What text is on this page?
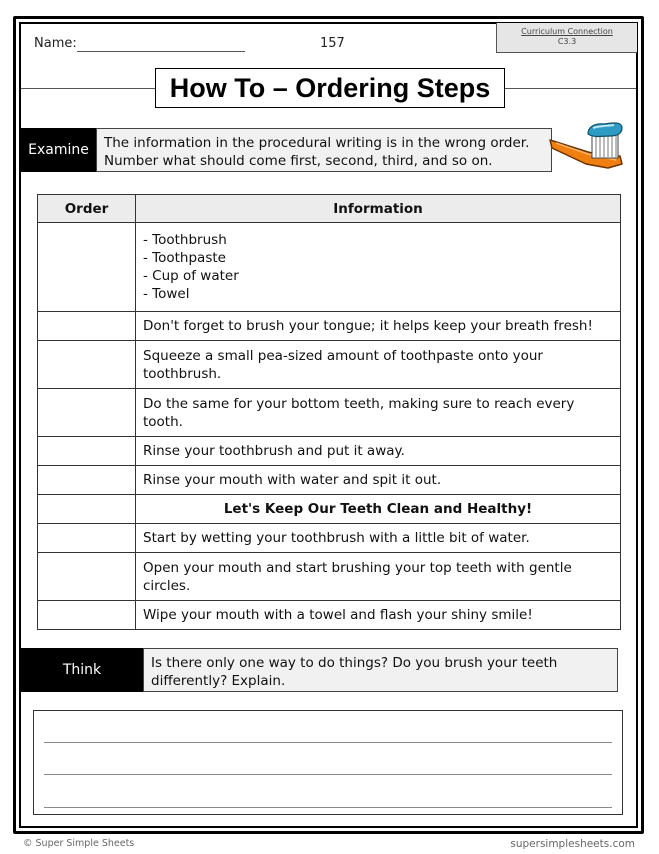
Name:	157
Curriculum Connection
C3.3
How To – Ordering Steps
Examine	The information in the procedural writing is in the wrong order.
Number what should come first, second, third, and so on.
Order	Information

	- Toothbrush
- Toothpaste
- Cup of water
- Towel

	Don't forget to brush your tongue; it helps keep your breath fresh!
	Squeeze a small pea-sized amount of toothpaste onto your toothbrush.
	Do the same for your bottom teeth, making sure to reach every tooth.
	Rinse your toothbrush and put it away.
	Rinse your mouth with water and spit it out.
	Let's Keep Our Teeth Clean and Healthy!
	Start by wetting your toothbrush with a little bit of water.
	Open your mouth and start brushing your top teeth with gentle circles.
	Wipe your mouth with a towel and flash your shiny smile!
Think	Is there only one way to do things? Do you brush your teeth
differently? Explain.
© Super Simple Sheets	supersimplesheets.com
